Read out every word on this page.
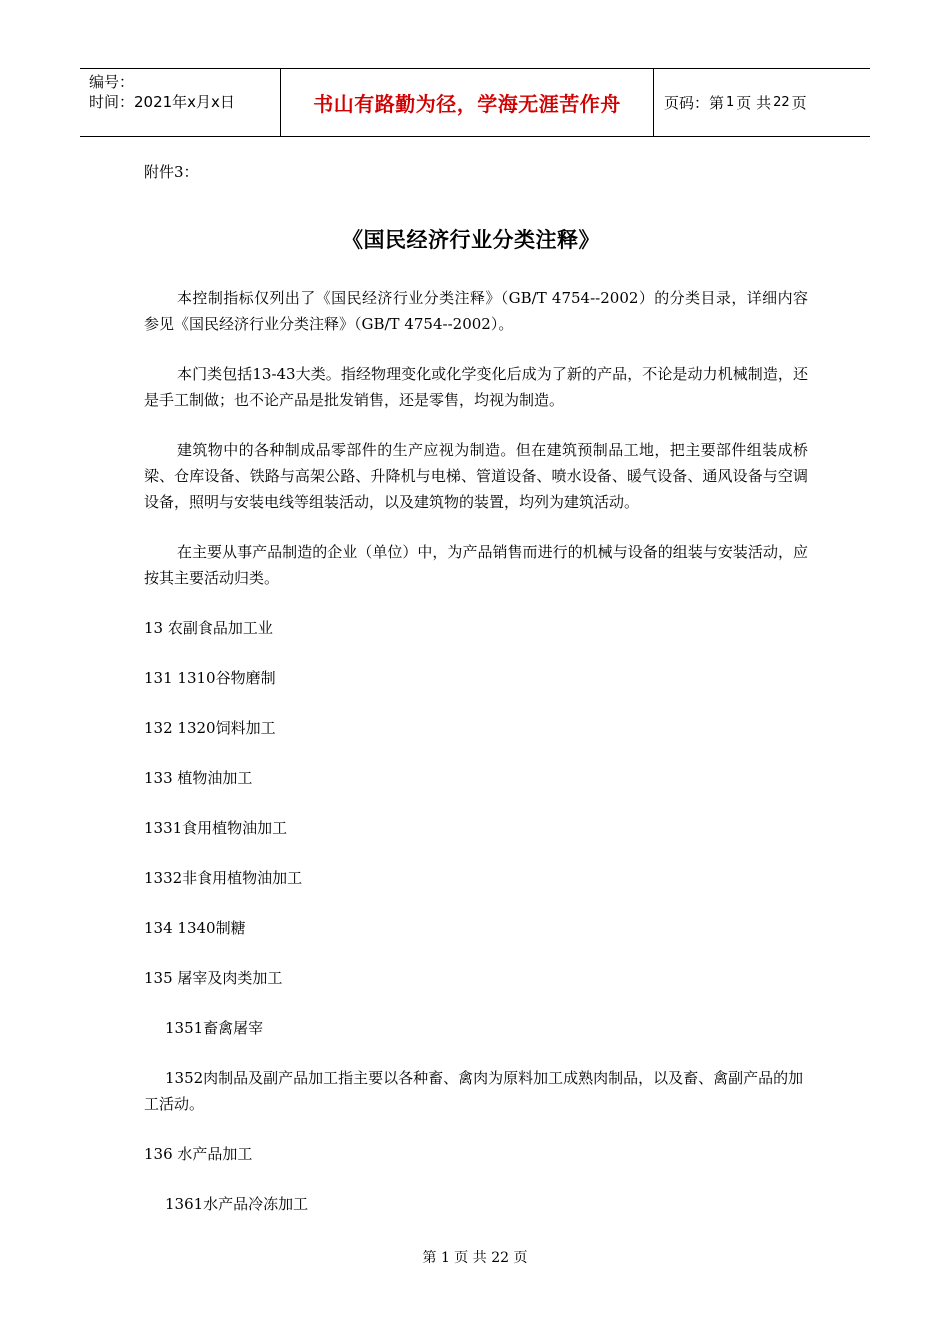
编号：
时间：2021年x月x日	书山有路勤为径，学海无涯苦作舟	页码：第 1 页 共 22 页
附件3：
《国民经济行业分类注释》

本控制指标仅列出了《国民经济行业分类注释》（GB/T 4754--2002）的分类目录，详细内容参见《国民经济行业分类注释》（GB/T 4754--2002）。

本门类包括13-43大类。指经物理变化或化学变化后成为了新的产品，不论是动力机械制造，还是手工制做；也不论产品是批发销售，还是零售，均视为制造。

建筑物中的各种制成品零部件的生产应视为制造。但在建筑预制品工地，把主要部件组装成桥梁、仓库设备、铁路与高架公路、升降机与电梯、管道设备、喷水设备、暖气设备、通风设备与空调设备，照明与安装电线等组装活动，以及建筑物的装置，均列为建筑活动。

在主要从事产品制造的企业（单位）中，为产品销售而进行的机械与设备的组装与安装活动，应按其主要活动归类。

13 农副食品加工业

131 1310谷物磨制

132 1320饲料加工

133 植物油加工

1331食用植物油加工

1332非食用植物油加工

134 1340制糖

135 屠宰及肉类加工

1351畜禽屠宰

1352肉制品及副产品加工指主要以各种畜、禽肉为原料加工成熟肉制品，以及畜、禽副产品的加工活动。

136 水产品加工

1361水产品冷冻加工

第 1 页 共 22 页
